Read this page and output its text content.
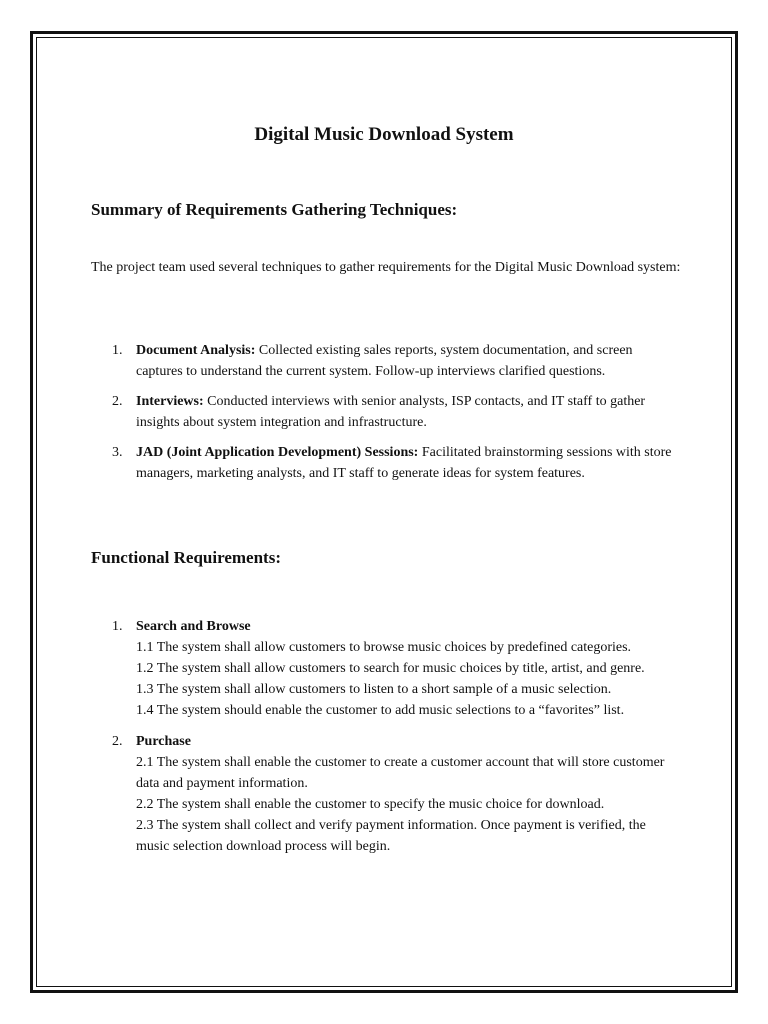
Digital Music Download System
Summary of Requirements Gathering Techniques:

The project team used several techniques to gather requirements for the Digital Music Download system:

1. Document Analysis: Collected existing sales reports, system documentation, and screen captures to understand the current system. Follow-up interviews clarified questions.
2. Interviews: Conducted interviews with senior analysts, ISP contacts, and IT staff to gather insights about system integration and infrastructure.
3. JAD (Joint Application Development) Sessions: Facilitated brainstorming sessions with store managers, marketing analysts, and IT staff to generate ideas for system features.
Functional Requirements:
1. Search and Browse
1.1 The system shall allow customers to browse music choices by predefined categories.
1.2 The system shall allow customers to search for music choices by title, artist, and genre.
1.3 The system shall allow customers to listen to a short sample of a music selection.
1.4 The system should enable the customer to add music selections to a “favorites” list.
2. Purchase
2.1 The system shall enable the customer to create a customer account that will store customer data and payment information.
2.2 The system shall enable the customer to specify the music choice for download.
2.3 The system shall collect and verify payment information. Once payment is verified, the music selection download process will begin.
